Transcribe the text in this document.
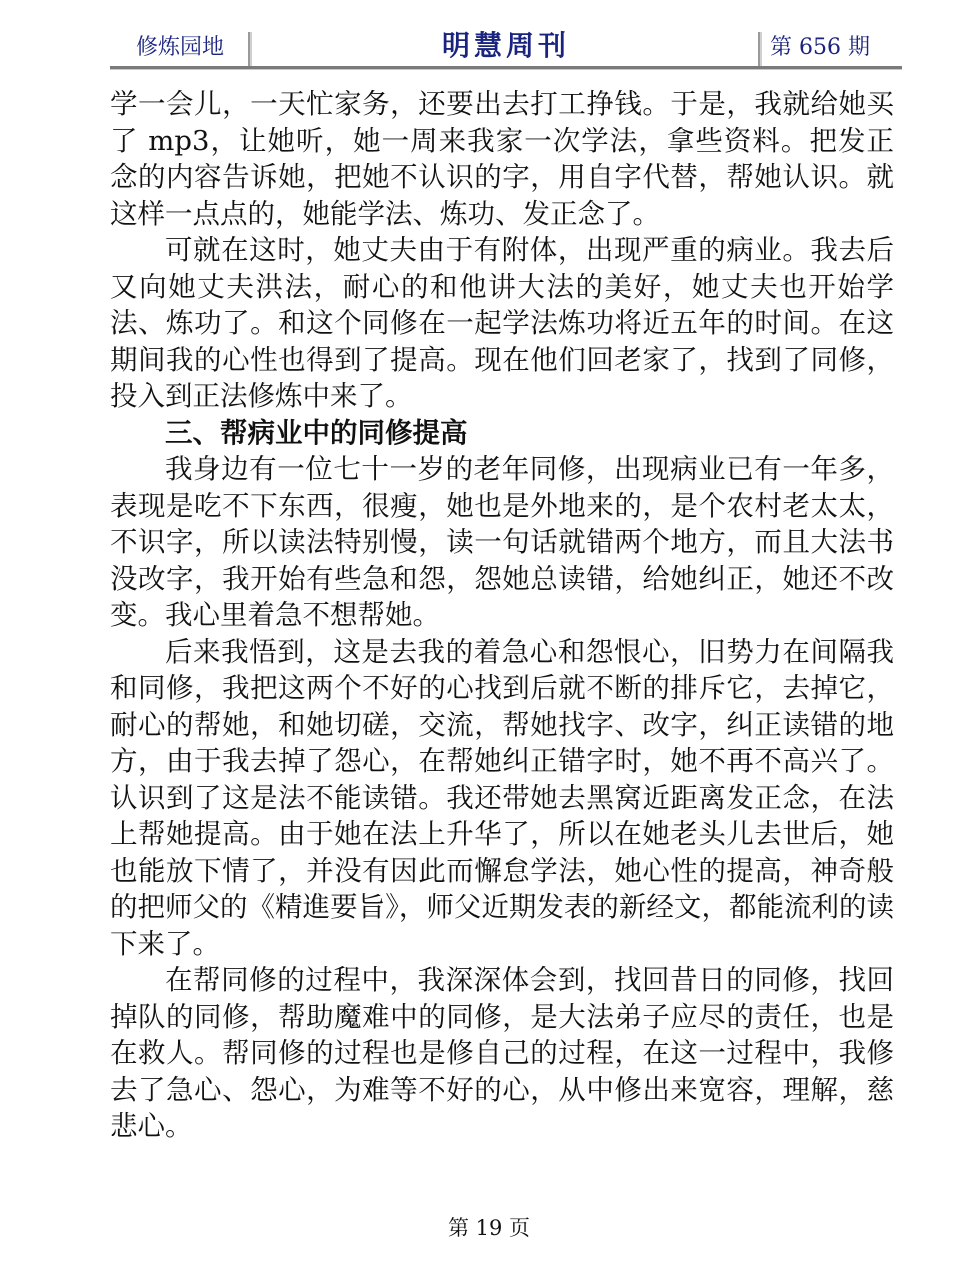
修炼园地	明慧周刊	第 656 期

学一会儿，一天忙家务，还要出去打工挣钱。于是，我就给她买了 mp3，让她听，她一周来我家一次学法，拿些资料。把发正念的内容告诉她，把她不认识的字，用自字代替，帮她认识。就这样一点点的，她能学法、炼功、发正念了。

可就在这时，她丈夫由于有附体，出现严重的病业。我去后又向她丈夫洪法，耐心的和他讲大法的美好，她丈夫也开始学法、炼功了。和这个同修在一起学法炼功将近五年的时间。在这期间我的心性也得到了提高。现在他们回老家了，找到了同修，投入到正法修炼中来了。

三、帮病业中的同修提高

我身边有一位七十一岁的老年同修，出现病业已有一年多，表现是吃不下东西，很瘦，她也是外地来的，是个农村老太太，不识字，所以读法特别慢，读一句话就错两个地方，而且大法书没改字，我开始有些急和怨，怨她总读错，给她纠正，她还不改变。我心里着急不想帮她。

后来我悟到，这是去我的着急心和怨恨心，旧势力在间隔我和同修，我把这两个不好的心找到后就不断的排斥它，去掉它，耐心的帮她，和她切磋，交流，帮她找字、改字，纠正读错的地方，由于我去掉了怨心，在帮她纠正错字时，她不再不高兴了。认识到了这是法不能读错。我还带她去黑窝近距离发正念，在法上帮她提高。由于她在法上升华了，所以在她老头儿去世后，她也能放下情了，并没有因此而懈怠学法，她心性的提高，神奇般的把师父的《精進要旨》，师父近期发表的新经文，都能流利的读下来了。

在帮同修的过程中，我深深体会到，找回昔日的同修，找回掉队的同修，帮助魔难中的同修，是大法弟子应尽的责任，也是在救人。帮同修的过程也是修自己的过程，在这一过程中，我修去了急心、怨心，为难等不好的心，从中修出来宽容，理解，慈悲心。

第 19 页
